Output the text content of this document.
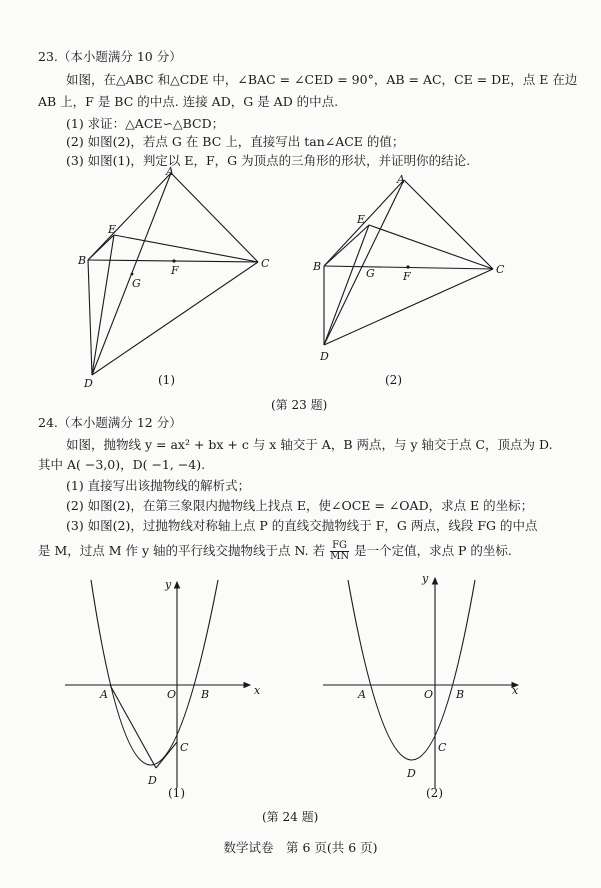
23.（本小题满分 10 分）
如图，在△ABC 和△CDE 中，∠BAC = ∠CED = 90°，AB = AC，CE = DE，点 E 在边
AB 上，F 是 BC 的中点. 连接 AD，G 是 AD 的中点.
(1) 求证：△ACE∽△BCD；
(2) 如图(2)，若点 G 在 BC 上，直接写出 tan∠ACE 的值；
(3) 如图(1)，判定以 E，F，G 为顶点的三角形的形状，并证明你的结论.
A
B	C
D
E
F
G
(1)
A
B	C
D
E
F
G
(2)
(第 23 题)
24.（本小题满分 12 分）
如图，抛物线 y = ax² + bx + c 与 x 轴交于 A，B 两点，与 y 轴交于点 C，顶点为 D.
其中 A( −3,0)，D( −1, −4).
(1) 直接写出该抛物线的解析式；
(2) 如图(2)，在第三象限内抛物线上找点 E，使∠OCE = ∠OAD，求点 E 的坐标；
(3) 如图(2)，过抛物线对称轴上点 P 的直线交抛物线于 F，G 两点，线段 FG 的中点
是 M，过点 M 作 y 轴的平行线交抛物线于点 N. 若 $\frac{FG}{MN}$ 是一个定值，求点 P 的坐标.
A	O B
C
D
x
y
(1)
A	O B
C
D
x
y
(2)
(第 24 题)
数学试卷　第 6 页(共 6 页)
